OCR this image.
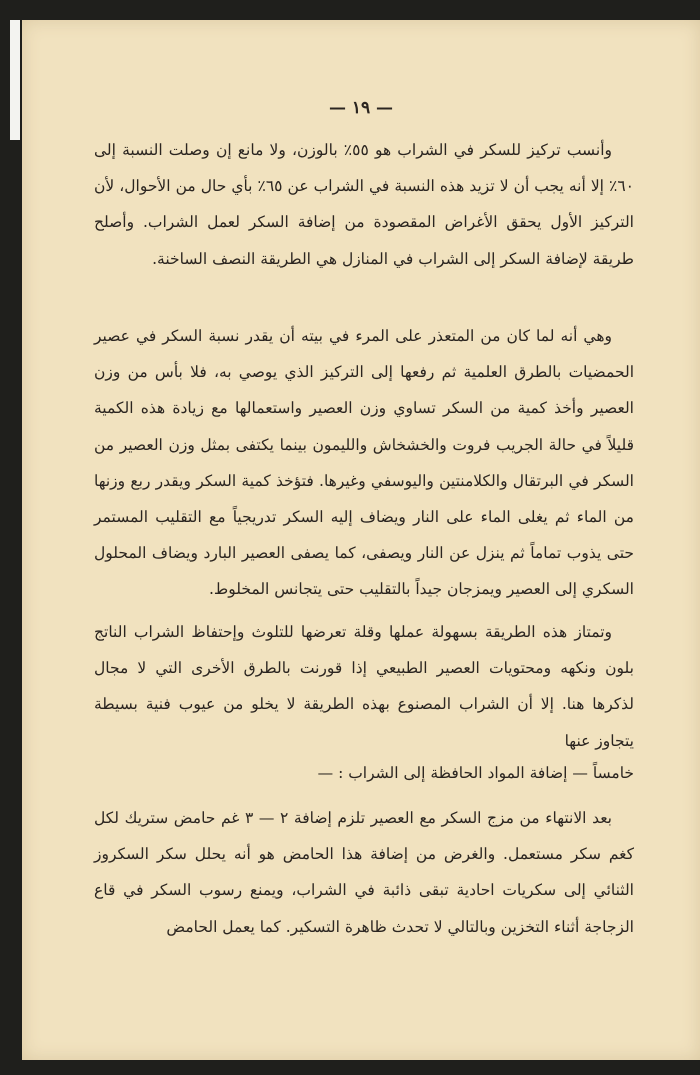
— ١٩ —

وأنسب تركيز للسكر في الشراب هو ٥٥٪ بالوزن، ولا مانع إن وصلت النسبة إلى ٦٠٪ إلا أنه يجب أن لا تزيد هذه النسبة في الشراب عن ٦٥٪ بأي حال من الأحوال، لأن التركيز الأول يحقق الأغراض المقصودة من إضافة السكر لعمل الشراب. وأصلح طريقة لإضافة السكر إلى الشراب في المنازل هي الطريقة النصف الساخنة.

وهي أنه لما كان من المتعذر على المرء في بيته أن يقدر نسبة السكر في عصير الحمضيات بالطرق العلمية ثم رفعها إلى التركيز الذي يوصي به، فلا بأس من وزن العصير وأخذ كمية من السكر تساوي وزن العصير واستعمالها مع زيادة هذه الكمية قليلاً في حالة الجريب فروت والخشخاش والليمون بينما يكتفى بمثل وزن العصير من السكر في البرتقال والكلامنتين واليوسفي وغيرها. فتؤخذ كمية السكر ويقدر ربع وزنها من الماء ثم يغلى الماء على النار ويضاف إليه السكر تدريجياً مع التقليب المستمر حتى يذوب تماماً ثم ينزل عن النار ويصفى، كما يصفى العصير البارد ويضاف المحلول السكري إلى العصير ويمزجان جيداً بالتقليب حتى يتجانس المخلوط.

وتمتاز هذه الطريقة بسهولة عملها وقلة تعرضها للتلوث وإحتفاظ الشراب الناتج بلون ونكهه ومحتويات العصير الطبيعي إذا قورنت بالطرق الأخرى التي لا مجال لذكرها هنا. إلا أن الشراب المصنوع بهذه الطريقة لا يخلو من عيوب فنية بسيطة يتجاوز عنها

خامساً — إضافة المواد الحافظة إلى الشراب : —

بعد الانتهاء من مزج السكر مع العصير تلزم إضافة ٢ — ٣ غم حامض ستريك لكل كغم سكر مستعمل. والغرض من إضافة هذا الحامض هو أنه يحلل سكر السكروز الثنائي إلى سكريات احادية تبقى ذائبة في الشراب، ويمنع رسوب السكر في قاع الزجاجة أثناء التخزين وبالتالي لا تحدث ظاهرة التسكير. كما يعمل الحامض
